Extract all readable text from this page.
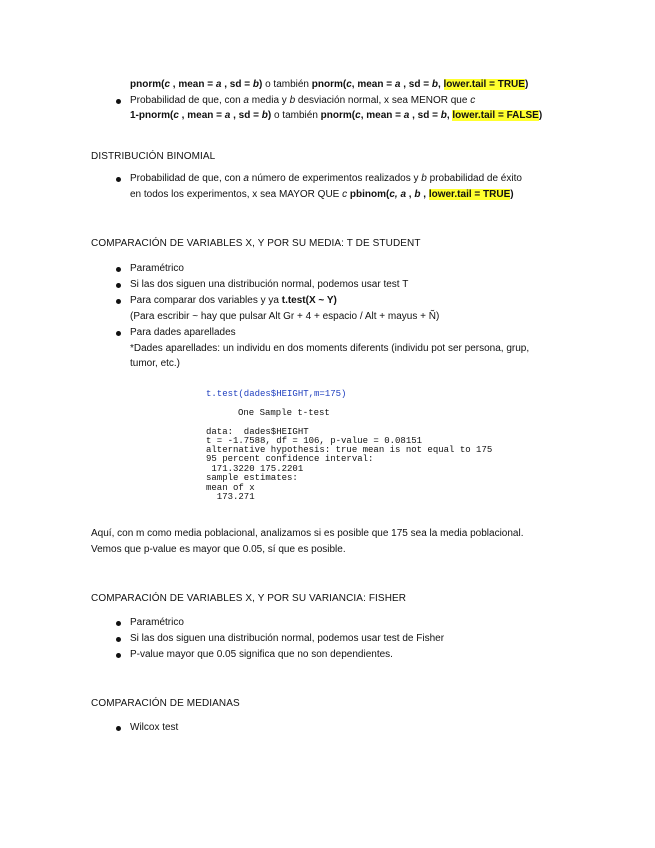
pnorm(c , mean = a , sd = b) o también pnorm(c, mean = a , sd = b, lower.tail = TRUE)
Probabilidad de que, con a media y b desviación normal, x sea MENOR que c
1-pnorm(c , mean = a , sd = b) o también pnorm(c, mean = a , sd = b, lower.tail = FALSE)
DISTRIBUCIÓN BINOMIAL
Probabilidad de que, con a número de experimentos realizados y b probabilidad de éxito
en todos los experimentos, x sea MAYOR QUE c pbinom(c, a , b , lower.tail = TRUE)
COMPARACIÓN DE VARIABLES X, Y POR SU MEDIA: T DE STUDENT
Paramétrico
Si las dos siguen una distribución normal, podemos usar test T
Para comparar dos variables y ya t.test(X ~ Y)
(Para escribir ~ hay que pulsar Alt Gr + 4 + espacio / Alt + mayus + Ñ)
Para dades aparellades
*Dades aparellades: un individu en dos moments diferents (individu pot ser persona, grup,
tumor, etc.)
t.test(dades$HEIGHT,m=175)
One Sample t-test
data:  dades$HEIGHT
t = -1.7588, df = 106, p-value = 0.08151
alternative hypothesis: true mean is not equal to 175
95 percent confidence interval:
171.3220 175.2201
sample estimates:
mean of x
173.271
Aquí, con m como media poblacional, analizamos si es posible que 175 sea la media poblacional.
Vemos que p-value es mayor que 0.05, sí que es posible.
COMPARACIÓN DE VARIABLES X, Y POR SU VARIANCIA: FISHER
Paramétrico
Si las dos siguen una distribución normal, podemos usar test de Fisher
P-value mayor que 0.05 significa que no son dependientes.
COMPARACIÓN DE MEDIANAS
Wilcox test
